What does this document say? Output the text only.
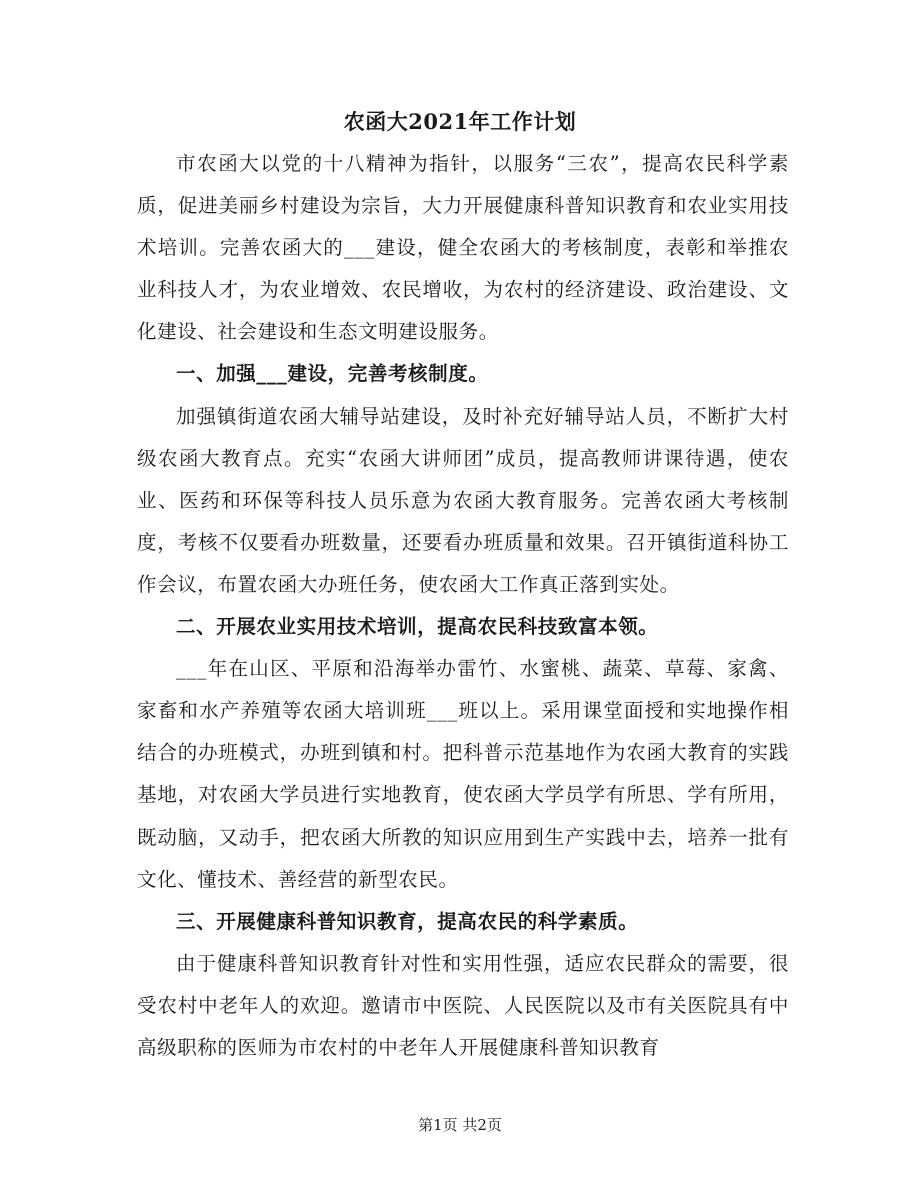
农函大2021年工作计划

市农函大以党的十八精神为指针，以服务“三农”，提高农民科学素质，促进美丽乡村建设为宗旨，大力开展健康科普知识教育和农业实用技术培训。完善农函大的___建设，健全农函大的考核制度，表彰和举推农业科技人才，为农业增效、农民增收，为农村的经济建设、政治建设、文化建设、社会建设和生态文明建设服务。

一、加强___建设，完善考核制度。

加强镇街道农函大辅导站建设，及时补充好辅导站人员，不断扩大村级农函大教育点。充实“农函大讲师团”成员，提高教师讲课待遇，使农业、医药和环保等科技人员乐意为农函大教育服务。完善农函大考核制度，考核不仅要看办班数量，还要看办班质量和效果。召开镇街道科协工作会议，布置农函大办班任务，使农函大工作真正落到实处。

二、开展农业实用技术培训，提高农民科技致富本领。

___年在山区、平原和沿海举办雷竹、水蜜桃、蔬菜、草莓、家禽、家畜和水产养殖等农函大培训班___班以上。采用课堂面授和实地操作相结合的办班模式，办班到镇和村。把科普示范基地作为农函大教育的实践基地，对农函大学员进行实地教育，使农函大学员学有所思、学有所用，既动脑，又动手，把农函大所教的知识应用到生产实践中去，培养一批有文化、懂技术、善经营的新型农民。

三、开展健康科普知识教育，提高农民的科学素质。

由于健康科普知识教育针对性和实用性强，适应农民群众的需要，很受农村中老年人的欢迎。邀请市中医院、人民医院以及市有关医院具有中高级职称的医师为市农村的中老年人开展健康科普知识教育

第1页 共2页
